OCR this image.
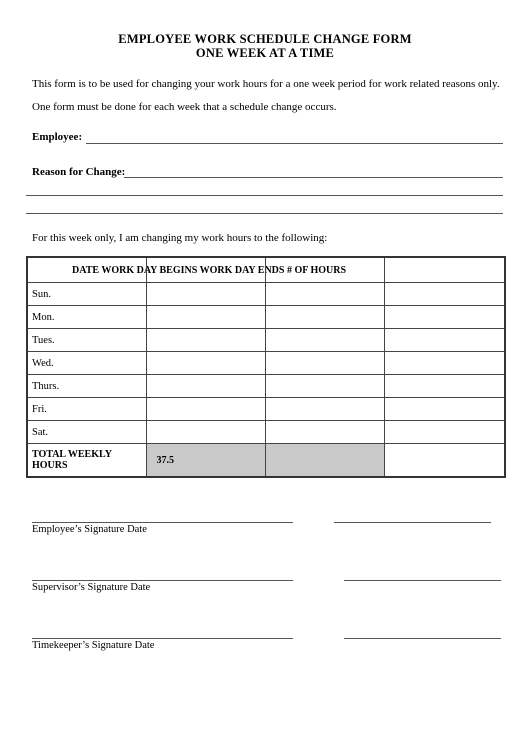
EMPLOYEE WORK SCHEDULE CHANGE FORM
ONE WEEK AT A TIME
This form is to be used for changing your work hours for a one week period for work related reasons only.
One form must be done for each week that a schedule change occurs.
Employee:
Reason for Change:
For this week only, I am changing my work hours to the following:
DATE WORK DAY BEGINS WORK DAY ENDS # OF HOURS			

Sun.			
Mon.			
Tues.			
Wed.			
Thurs.			
Fri.			
Sat.			
TOTAL WEEKLY HOURS	37.5		
Employee’s Signature Date
Supervisor’s Signature Date
Timekeeper’s Signature Date
